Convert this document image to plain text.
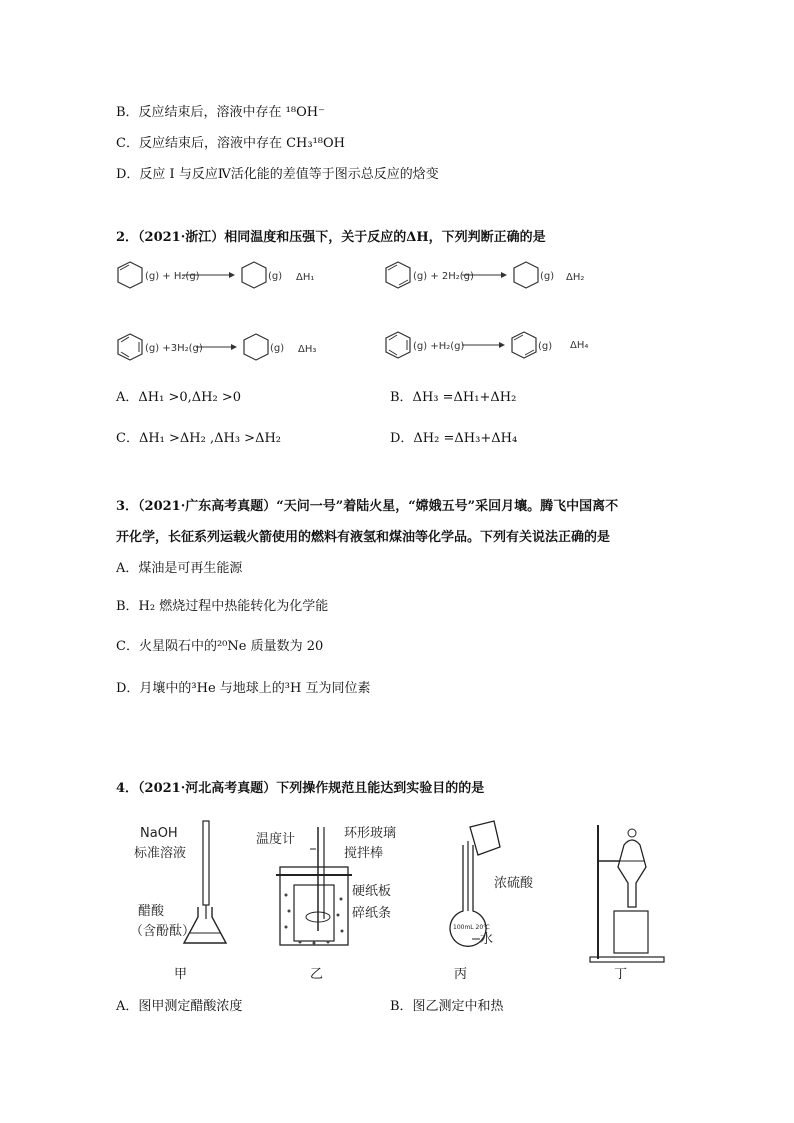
B．反应结束后，溶液中存在 ¹⁸OH⁻
C．反应结束后，溶液中存在 CH₃¹⁸OH
D．反应 I 与反应Ⅳ活化能的差值等于图示总反应的焓变
2．（2021·浙江）相同温度和压强下，关于反应的ΔH，下列判断正确的是
(g) + H₂(g)	(g) ΔH₁	(g) + 2H₂(g)	(g) ΔH₂
(g) +3H₂(g)	(g) ΔH₃	(g) +H₂(g)	(g) ΔH₄
A．ΔH₁ >0,ΔH₂ >0	B．ΔH₃ =ΔH₁+ΔH₂
C．ΔH₁ >ΔH₂ ,ΔH₃ >ΔH₂	D．ΔH₂ =ΔH₃+ΔH₄
3．（2021·广东高考真题）“天问一号”着陆火星，“嫦娥五号”采回月壤。腾飞中国离不
开化学，长征系列运载火箭使用的燃料有液氢和煤油等化学品。下列有关说法正确的是
A．煤油是可再生能源
B．H₂ 燃烧过程中热能转化为化学能
C．火星陨石中的²⁰Ne 质量数为 20
D．月壤中的³He 与地球上的³H 互为同位素
4．（2021·河北高考真题）下列操作规范且能达到实验目的的是
NaOH
标准溶液
醋酸
（含酚酞）
温度计	环形玻璃
搅拌棒
硬纸板
碎纸条
浓硫酸
水
100mL 20℃
甲	乙	丙	丁
A．图甲测定醋酸浓度	B．图乙测定中和热
